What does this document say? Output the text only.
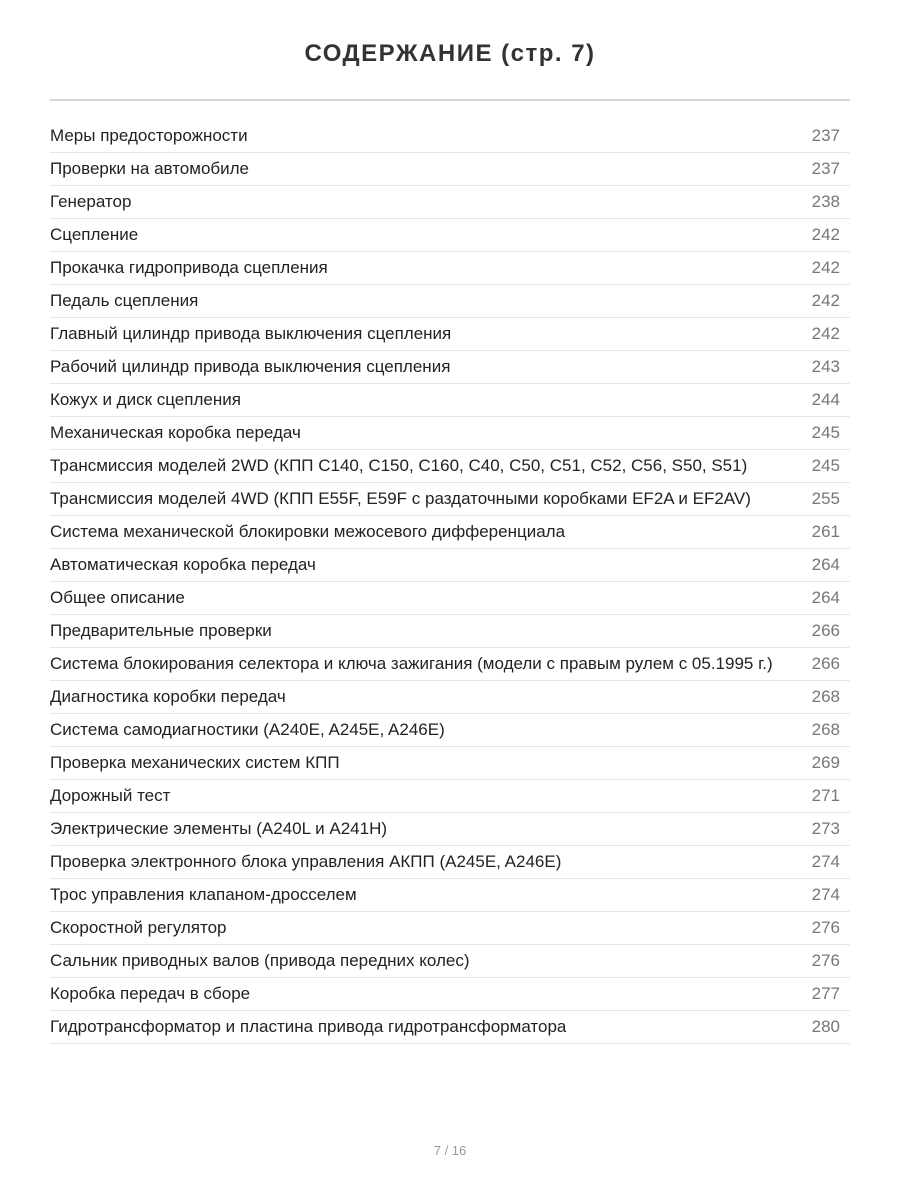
СОДЕРЖАНИЕ (стр. 7)
Меры предосторожности	237
Проверки на автомобиле	237
Генератор	238
Сцепление	242
Прокачка гидропривода сцепления	242
Педаль сцепления	242
Главный цилиндр привода выключения сцепления	242
Рабочий цилиндр привода выключения сцепления	243
Кожух и диск сцепления	244
Механическая коробка передач	245
Трансмиссия моделей 2WD (КПП C140, C150, C160, C40, C50, C51, C52, C56, S50, S51)	245
Трансмиссия моделей 4WD (КПП E55F, E59F с раздаточными коробками EF2A и EF2AV)	255
Система механической блокировки межосевого дифференциала	261
Автоматическая коробка передач	264
Общее описание	264
Предварительные проверки	266
Система блокирования селектора и ключа зажигания (модели с правым рулем с 05.1995 г.)	266
Диагностика коробки передач	268
Система самодиагностики (A240E, A245E, A246E)	268
Проверка механических систем КПП	269
Дорожный тест	271
Электрические элементы (A240L и A241H)	273
Проверка электронного блока управления АКПП (A245E, A246E)	274
Трос управления клапаном-дросселем	274
Скоростной регулятор	276
Сальник приводных валов (привода передних колес)	276
Коробка передач в сборе	277
Гидротрансформатор и пластина привода гидротрансформатора	280
7 / 16
